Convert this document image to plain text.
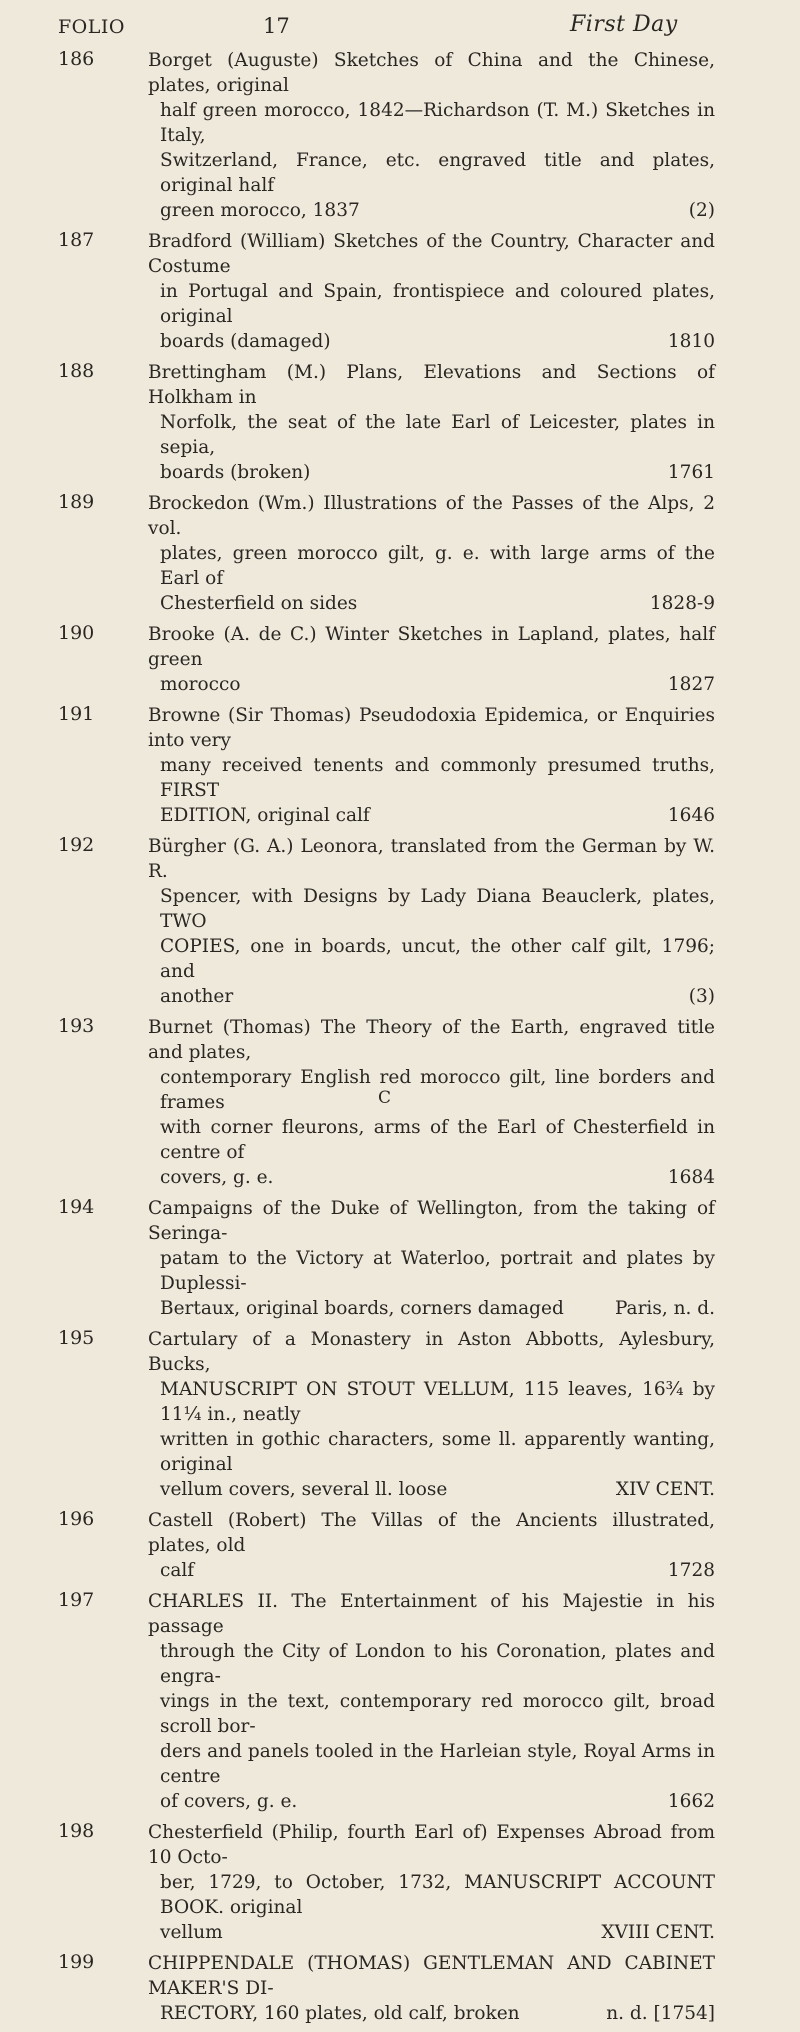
FOLIO	17	First Day
186	Borget (Auguste) Sketches of China and the Chinese, plates, original
half green morocco, 1842—Richardson (T. M.) Sketches in Italy,
Switzerland, France, etc. engraved title and plates, original half
green morocco, 1837	(2)
187	Bradford (William) Sketches of the Country, Character and Costume
in Portugal and Spain, frontispiece and coloured plates, original
boards (damaged)	1810
188	Brettingham (M.) Plans, Elevations and Sections of Holkham in
Norfolk, the seat of the late Earl of Leicester, plates in sepia,
boards (broken)	1761
189	Brockedon (Wm.) Illustrations of the Passes of the Alps, 2 vol.
plates, green morocco gilt, g. e. with large arms of the Earl of
Chesterfield on sides	1828-9
190	Brooke (A. de C.) Winter Sketches in Lapland, plates, half green
morocco	1827
191	Browne (Sir Thomas) Pseudodoxia Epidemica, or Enquiries into very
many received tenents and commonly presumed truths, FIRST
EDITION, original calf	1646
192	Bürgher (G. A.) Leonora, translated from the German by W. R.
Spencer, with Designs by Lady Diana Beauclerk, plates, TWO
COPIES, one in boards, uncut, the other calf gilt, 1796; and
another	(3)
193	Burnet (Thomas) The Theory of the Earth, engraved title and plates,
contemporary English red morocco gilt, line borders and frames
with corner fleurons, arms of the Earl of Chesterfield in centre of
covers, g. e.	1684
194	Campaigns of the Duke of Wellington, from the taking of Seringa-
patam to the Victory at Waterloo, portrait and plates by Duplessi-
Bertaux, original boards, corners damaged	Paris, n. d.
195	Cartulary of a Monastery in Aston Abbotts, Aylesbury, Bucks,
MANUSCRIPT ON STOUT VELLUM, 115 leaves, 16¾ by 11¼ in., neatly
written in gothic characters, some ll. apparently wanting, original
vellum covers, several ll. loose	XIV CENT.
196	Castell (Robert) The Villas of the Ancients illustrated, plates, old
calf	1728
197	CHARLES II. The Entertainment of his Majestie in his passage
through the City of London to his Coronation, plates and engra-
vings in the text, contemporary red morocco gilt, broad scroll bor-
ders and panels tooled in the Harleian style, Royal Arms in centre
of covers, g. e.	1662
198	Chesterfield (Philip, fourth Earl of) Expenses Abroad from 10 Octo-
ber, 1729, to October, 1732, MANUSCRIPT ACCOUNT BOOK. original
vellum	XVIII CENT.
199	CHIPPENDALE (THOMAS) GENTLEMAN AND CABINET MAKER'S DI-
RECTORY, 160 plates, old calf, broken	n. d. [1754]
C
